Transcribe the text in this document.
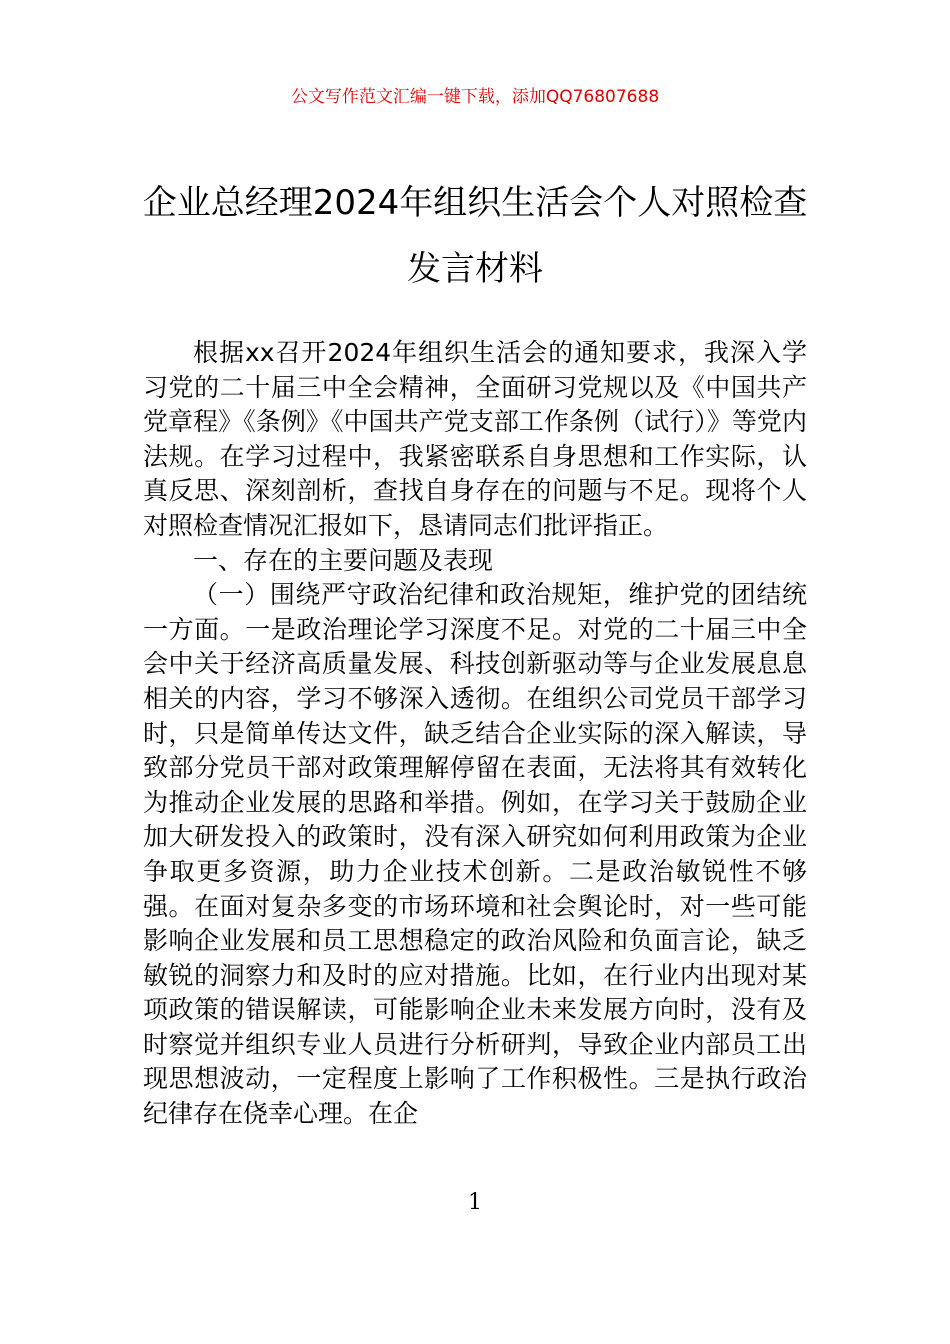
公文写作范文汇编一键下载，添加QQ76807688
企业总经理2024年组织生活会个人对照检查发言材料

根据xx召开2024年组织生活会的通知要求，我深入学习党的二十届三中全会精神，全面研习党规以及《中国共产党章程》《条例》《中国共产党支部工作条例（试行）》等党内法规。在学习过程中，我紧密联系自身思想和工作实际，认真反思、深刻剖析，查找自身存在的问题与不足。现将个人对照检查情况汇报如下，恳请同志们批评指正。

一、存在的主要问题及表现

（一）围绕严守政治纪律和政治规矩，维护党的团结统一方面。一是政治理论学习深度不足。对党的二十届三中全会中关于经济高质量发展、科技创新驱动等与企业发展息息相关的内容，学习不够深入透彻。在组织公司党员干部学习时，只是简单传达文件，缺乏结合企业实际的深入解读，导致部分党员干部对政策理解停留在表面，无法将其有效转化为推动企业发展的思路和举措。例如，在学习关于鼓励企业加大研发投入的政策时，没有深入研究如何利用政策为企业争取更多资源，助力企业技术创新。二是政治敏锐性不够强。在面对复杂多变的市场环境和社会舆论时，对一些可能影响企业发展和员工思想稳定的政治风险和负面言论，缺乏敏锐的洞察力和及时的应对措施。比如，在行业内出现对某项政策的错误解读，可能影响企业未来发展方向时，没有及时察觉并组织专业人员进行分析研判，导致企业内部员工出现思想波动，一定程度上影响了工作积极性。三是执行政治纪律存在侥幸心理。在企

1
